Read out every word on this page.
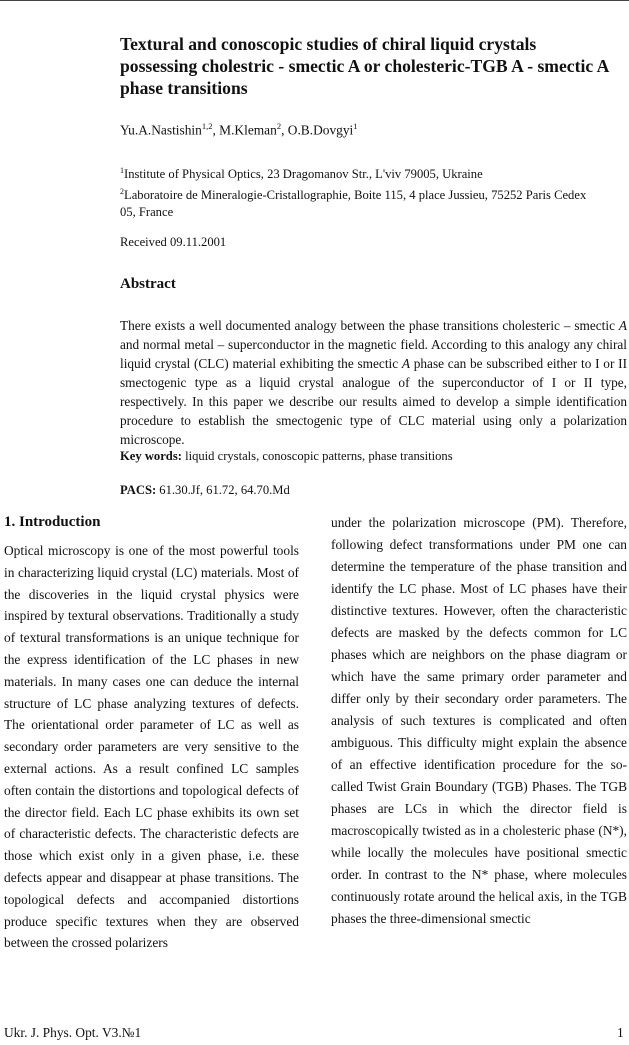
Textural and conoscopic studies of chiral liquid crystals possessing cholestric - smectic A or cholesteric-TGB A - smectic A phase transitions
Yu.A.Nastishin$^{1,2}$, M.Kleman$^2$, O.B.Dovgyi$^1$
$^1$Institute of Physical Optics, 23 Dragomanov Str., L'viv 79005, Ukraine
$^2$Laboratoire de Mineralogie-Cristallographie, Boite 115, 4 place Jussieu, 75252 Paris Cedex 05, France
Received 09.11.2001
Abstract
There exists a well documented analogy between the phase transitions cholesteric – smectic A and normal metal – superconductor in the magnetic field. According to this analogy any chiral liquid crystal (CLC) material exhibiting the smectic A phase can be subscribed either to I or II smectogenic type as a liquid crystal analogue of the superconductor of I or II type, respectively. In this paper we describe our results aimed to develop a simple identification procedure to establish the smectogenic type of CLC material using only a polarization microscope.
Key words: liquid crystals, conoscopic patterns, phase transitions
PACS: 61.30.Jf, 61.72, 64.70.Md
1. Introduction
Optical microscopy is one of the most powerful tools in characterizing liquid crystal (LC) materials. Most of the discoveries in the liquid crystal physics were inspired by textural observations. Traditionally a study of textural transformations is an unique technique for the express identification of the LC phases in new materials. In many cases one can deduce the internal structure of LC phase analyzing textures of defects. The orientational order parameter of LC as well as secondary order parameters are very sensitive to the external actions. As a result confined LC samples often contain the distortions and topological defects of the director field. Each LC phase exhibits its own set of characteristic defects. The characteristic defects are those which exist only in a given phase, i.e. these defects appear and disappear at phase transitions. The topological defects and accompanied distortions produce specific textures when they are observed between the crossed polarizers
under the polarization microscope (PM). Therefore, following defect transformations under PM one can determine the temperature of the phase transition and identify the LC phase. Most of LC phases have their distinctive textures. However, often the characteristic defects are masked by the defects common for LC phases which are neighbors on the phase diagram or which have the same primary order parameter and differ only by their secondary order parameters. The analysis of such textures is complicated and often ambiguous. This difficulty might explain the absence of an effective identification procedure for the so-called Twist Grain Boundary (TGB) Phases. The TGB phases are LCs in which the director field is macroscopically twisted as in a cholesteric phase (N*), while locally the molecules have positional smectic order. In contrast to the N* phase, where molecules continuously rotate around the helical axis, in the TGB phases the three-dimensional smectic
Ukr. J. Phys. Opt. V3.№1	1
